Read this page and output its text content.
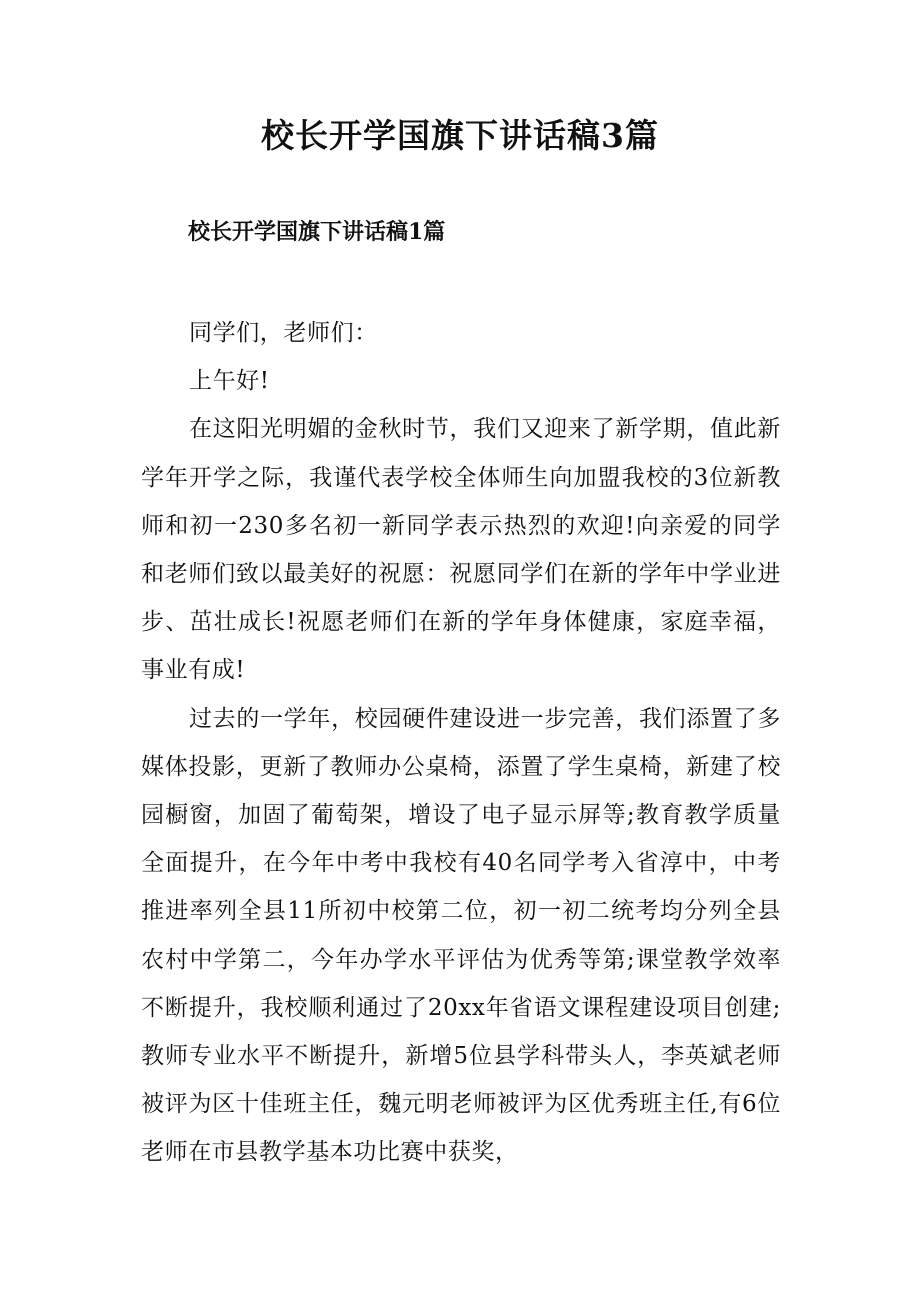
校长开学国旗下讲话稿3篇
校长开学国旗下讲话稿1篇

同学们，老师们：

上午好!

在这阳光明媚的金秋时节，我们又迎来了新学期，值此新学年开学之际，我谨代表学校全体师生向加盟我校的3位新教师和初一230多名初一新同学表示热烈的欢迎!向亲爱的同学和老师们致以最美好的祝愿：祝愿同学们在新的学年中学业进步、茁壮成长!祝愿老师们在新的学年身体健康，家庭幸福，事业有成!

过去的一学年，校园硬件建设进一步完善，我们添置了多媒体投影，更新了教师办公桌椅，添置了学生桌椅，新建了校园橱窗，加固了葡萄架，增设了电子显示屏等;教育教学质量全面提升，在今年中考中我校有40名同学考入省淳中，中考推进率列全县11所初中校第二位，初一初二统考均分列全县农村中学第二，今年办学水平评估为优秀等第;课堂教学效率不断提升，我校顺利通过了20xx年省语文课程建设项目创建;教师专业水平不断提升，新增5位县学科带头人，李英斌老师被评为区十佳班主任，魏元明老师被评为区优秀班主任,有6位老师在市县教学基本功比赛中获奖，
